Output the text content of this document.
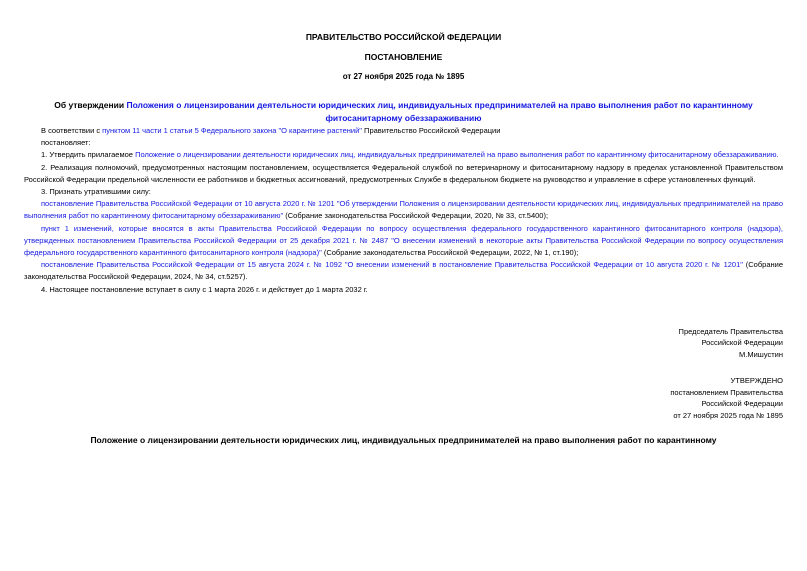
ПРАВИТЕЛЬСТВО РОССИЙСКОЙ ФЕДЕРАЦИИ
ПОСТАНОВЛЕНИЕ
от 27 ноября 2025 года № 1895
Об утверждении Положения о лицензировании деятельности юридических лиц, индивидуальных предпринимателей на право выполнения работ по карантинному фитосанитарному обеззараживанию

В соответствии с пунктом 11 части 1 статьи 5 Федерального закона "О карантине растений" Правительство Российской Федерации

постановляет:

1. Утвердить прилагаемое Положение о лицензировании деятельности юридических лиц, индивидуальных предпринимателей на право выполнения работ по карантинному фитосанитарному обеззараживанию.

2. Реализация полномочий, предусмотренных настоящим постановлением, осуществляется Федеральной службой по ветеринарному и фитосанитарному надзору в пределах установленной Правительством Российской Федерации предельной численности ее работников и бюджетных ассигнований, предусмотренных Службе в федеральном бюджете на руководство и управление в сфере установленных функций.

3. Признать утратившими силу:

постановление Правительства Российской Федерации от 10 августа 2020 г. № 1201 "Об утверждении Положения о лицензировании деятельности юридических лиц, индивидуальных предпринимателей на право выполнения работ по карантинному фитосанитарному обеззараживанию" (Собрание законодательства Российской Федерации, 2020, № 33, ст.5400);

пункт 1 изменений, которые вносятся в акты Правительства Российской Федерации по вопросу осуществления федерального государственного карантинного фитосанитарного контроля (надзора), утвержденных постановлением Правительства Российской Федерации от 25 декабря 2021 г. № 2487 "О внесении изменений в некоторые акты Правительства Российской Федерации по вопросу осуществления федерального государственного карантинного фитосанитарного контроля (надзора)" (Собрание законодательства Российской Федерации, 2022, № 1, ст.190);

постановление Правительства Российской Федерации от 15 августа 2024 г. № 1092 "О внесении изменений в постановление Правительства Российской Федерации от 10 августа 2020 г. № 1201" (Собрание законодательства Российской Федерации, 2024, № 34, ст.5257).

4. Настоящее постановление вступает в силу с 1 марта 2026 г. и действует до 1 марта 2032 г.

Председатель Правительства
Российской Федерации
М.Мишустин
УТВЕРЖДЕНО
постановлением Правительства
Российской Федерации
от 27 ноября 2025 года № 1895
Положение о лицензировании деятельности юридических лиц, индивидуальных предпринимателей на право выполнения работ по карантинному
